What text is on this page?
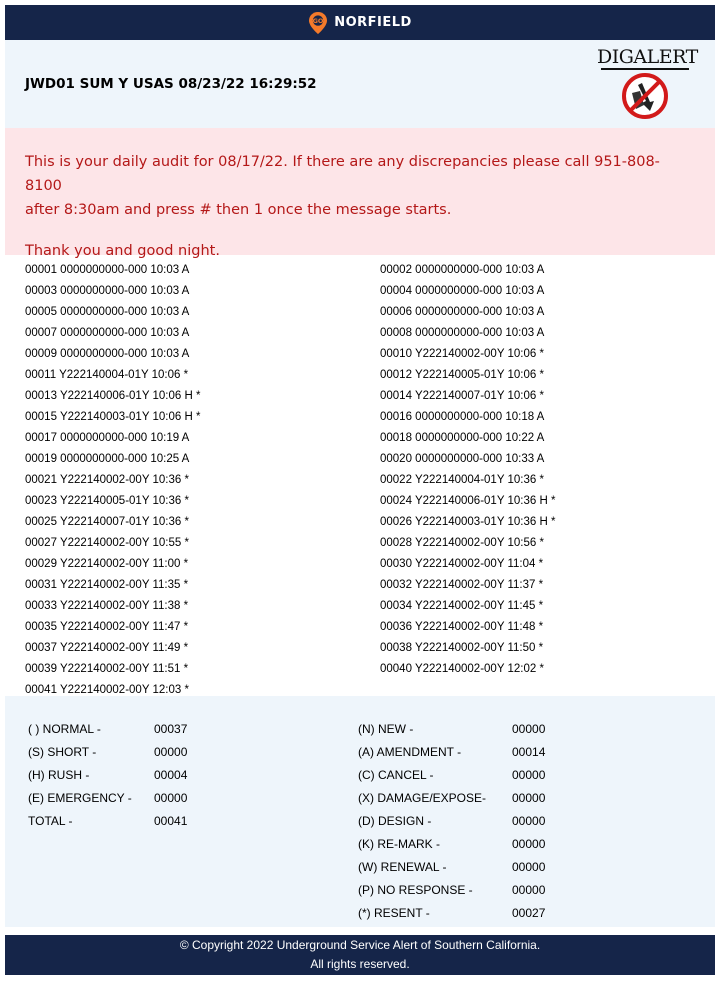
GO NORFIELD
JWD01 SUM Y USAS 08/23/22 16:29:52
DIGALERT

This is your daily audit for 08/17/22. If there are any discrepancies please call 951-808-8100

after 8:30am and press # then 1 once the message starts.

Thank you and good night.

00001 0000000000-000 10:03 A
00003 0000000000-000 10:03 A
00005 0000000000-000 10:03 A
00007 0000000000-000 10:03 A
00009 0000000000-000 10:03 A
00011 Y222140004-01Y 10:06 *
00013 Y222140006-01Y 10:06 H *
00015 Y222140003-01Y 10:06 H *
00017 0000000000-000 10:19 A
00019 0000000000-000 10:25 A
00021 Y222140002-00Y 10:36 *
00023 Y222140005-01Y 10:36 *
00025 Y222140007-01Y 10:36 *
00027 Y222140002-00Y 10:55 *
00029 Y222140002-00Y 11:00 *
00031 Y222140002-00Y 11:35 *
00033 Y222140002-00Y 11:38 *
00035 Y222140002-00Y 11:47 *
00037 Y222140002-00Y 11:49 *
00039 Y222140002-00Y 11:51 *
00041 Y222140002-00Y 12:03 *
00002 0000000000-000 10:03 A
00004 0000000000-000 10:03 A
00006 0000000000-000 10:03 A
00008 0000000000-000 10:03 A
00010 Y222140002-00Y 10:06 *
00012 Y222140005-01Y 10:06 *
00014 Y222140007-01Y 10:06 *
00016 0000000000-000 10:18 A
00018 0000000000-000 10:22 A
00020 0000000000-000 10:33 A
00022 Y222140004-01Y 10:36 *
00024 Y222140006-01Y 10:36 H *
00026 Y222140003-01Y 10:36 H *
00028 Y222140002-00Y 10:56 *
00030 Y222140002-00Y 11:04 *
00032 Y222140002-00Y 11:37 *
00034 Y222140002-00Y 11:45 *
00036 Y222140002-00Y 11:48 *
00038 Y222140002-00Y 11:50 *
00040 Y222140002-00Y 12:02 *
( ) NORMAL -	00037
(S) SHORT -	00000
(H) RUSH -	00004
(E) EMERGENCY - 00000
TOTAL -	00041
(N) NEW -	00000
(A) AMENDMENT -	00014
(C) CANCEL -	00000
(X) DAMAGE/EXPOSE- 00000
(D) DESIGN -	00000
(K) RE-MARK -	00000
(W) RENEWAL -	00000
(P) NO RESPONSE -	00000
(*) RESENT -	00027
© Copyright 2022 Underground Service Alert of Southern California.
All rights reserved.
